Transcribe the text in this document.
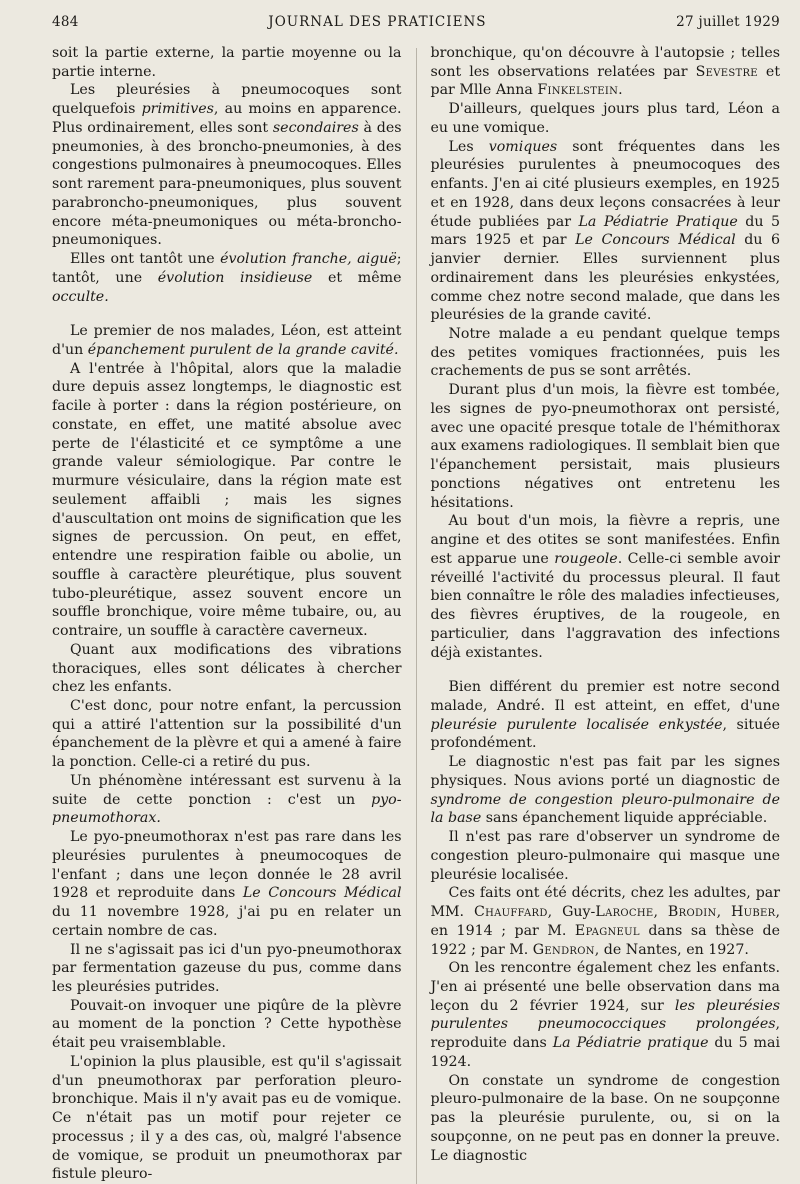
484	JOURNAL DES PRATICIENS	27 juillet 1929

soit la partie externe, la partie moyenne ou la partie interne.

Les pleurésies à pneumocoques sont quelquefois primitives, au moins en apparence. Plus ordinairement, elles sont secondaires à des pneumonies, à des broncho-pneumonies, à des congestions pulmonaires à pneumocoques. Elles sont rarement para-pneumoniques, plus souvent parabroncho-pneumoniques, plus souvent encore méta-pneumoniques ou méta-broncho-pneumoniques.

Elles ont tantôt une évolution franche, aiguë; tantôt, une évolution insidieuse et même occulte.

Le premier de nos malades, Léon, est atteint d'un épanchement purulent de la grande cavité.

A l'entrée à l'hôpital, alors que la maladie dure depuis assez longtemps, le diagnostic est facile à porter : dans la région postérieure, on constate, en effet, une matité absolue avec perte de l'élasticité et ce symptôme a une grande valeur sémiologique. Par contre le murmure vésiculaire, dans la région mate est seulement affaibli ; mais les signes d'auscultation ont moins de signification que les signes de percussion. On peut, en effet, entendre une respiration faible ou abolie, un souffle à caractère pleurétique, plus souvent tubo-pleurétique, assez souvent encore un souffle bronchique, voire même tubaire, ou, au contraire, un souffle à caractère caverneux.

Quant aux modifications des vibrations thoraciques, elles sont délicates à chercher chez les enfants.

C'est donc, pour notre enfant, la percussion qui a attiré l'attention sur la possibilité d'un épanchement de la plèvre et qui a amené à faire la ponction. Celle-ci a retiré du pus.

Un phénomène intéressant est survenu à la suite de cette ponction : c'est un pyo-pneumothorax.

Le pyo-pneumothorax n'est pas rare dans les pleurésies purulentes à pneumocoques de l'enfant ; dans une leçon donnée le 28 avril 1928 et reproduite dans Le Concours Médical du 11 novembre 1928, j'ai pu en relater un certain nombre de cas.

Il ne s'agissait pas ici d'un pyo-pneumothorax par fermentation gazeuse du pus, comme dans les pleurésies putrides.

Pouvait-on invoquer une piqûre de la plèvre au moment de la ponction ? Cette hypothèse était peu vraisemblable.

L'opinion la plus plausible, est qu'il s'agissait d'un pneumothorax par perforation pleuro-bronchique. Mais il n'y avait pas eu de vomique. Ce n'était pas un motif pour rejeter ce processus ; il y a des cas, où, malgré l'absence de vomique, se produit un pneumothorax par fistule pleuro-

bronchique, qu'on découvre à l'autopsie ; telles sont les observations relatées par Sevestre et par Mlle Anna Finkelstein.

D'ailleurs, quelques jours plus tard, Léon a eu une vomique.

Les vomiques sont fréquentes dans les pleurésies purulentes à pneumocoques des enfants. J'en ai cité plusieurs exemples, en 1925 et en 1928, dans deux leçons consacrées à leur étude publiées par La Pédiatrie Pratique du 5 mars 1925 et par Le Concours Médical du 6 janvier dernier. Elles surviennent plus ordinairement dans les pleurésies enkystées, comme chez notre second malade, que dans les pleurésies de la grande cavité.

Notre malade a eu pendant quelque temps des petites vomiques fractionnées, puis les crachements de pus se sont arrêtés.

Durant plus d'un mois, la fièvre est tombée, les signes de pyo-pneumothorax ont persisté, avec une opacité presque totale de l'hémithorax aux examens radiologiques. Il semblait bien que l'épanchement persistait, mais plusieurs ponctions négatives ont entretenu les hésitations.

Au bout d'un mois, la fièvre a repris, une angine et des otites se sont manifestées. Enfin est apparue une rougeole. Celle-ci semble avoir réveillé l'activité du processus pleural. Il faut bien connaître le rôle des maladies infectieuses, des fièvres éruptives, de la rougeole, en particulier, dans l'aggravation des infections déjà existantes.

Bien différent du premier est notre second malade, André. Il est atteint, en effet, d'une pleurésie purulente localisée enkystée, située profondément.

Le diagnostic n'est pas fait par les signes physiques. Nous avions porté un diagnostic de syndrome de congestion pleuro-pulmonaire de la base sans épanchement liquide appréciable.

Il n'est pas rare d'observer un syndrome de congestion pleuro-pulmonaire qui masque une pleurésie localisée.

Ces faits ont été décrits, chez les adultes, par MM. Chauffard, Guy-Laroche, Brodin, Huber, en 1914 ; par M. Epagneul dans sa thèse de 1922 ; par M. Gendron, de Nantes, en 1927.

On les rencontre également chez les enfants. J'en ai présenté une belle observation dans ma leçon du 2 février 1924, sur les pleurésies purulentes pneumococciques prolongées, reproduite dans La Pédiatrie pratique du 5 mai 1924.

On constate un syndrome de congestion pleuro-pulmonaire de la base. On ne soupçonne pas la pleurésie purulente, ou, si on la soupçonne, on ne peut pas en donner la preuve. Le diagnostic
